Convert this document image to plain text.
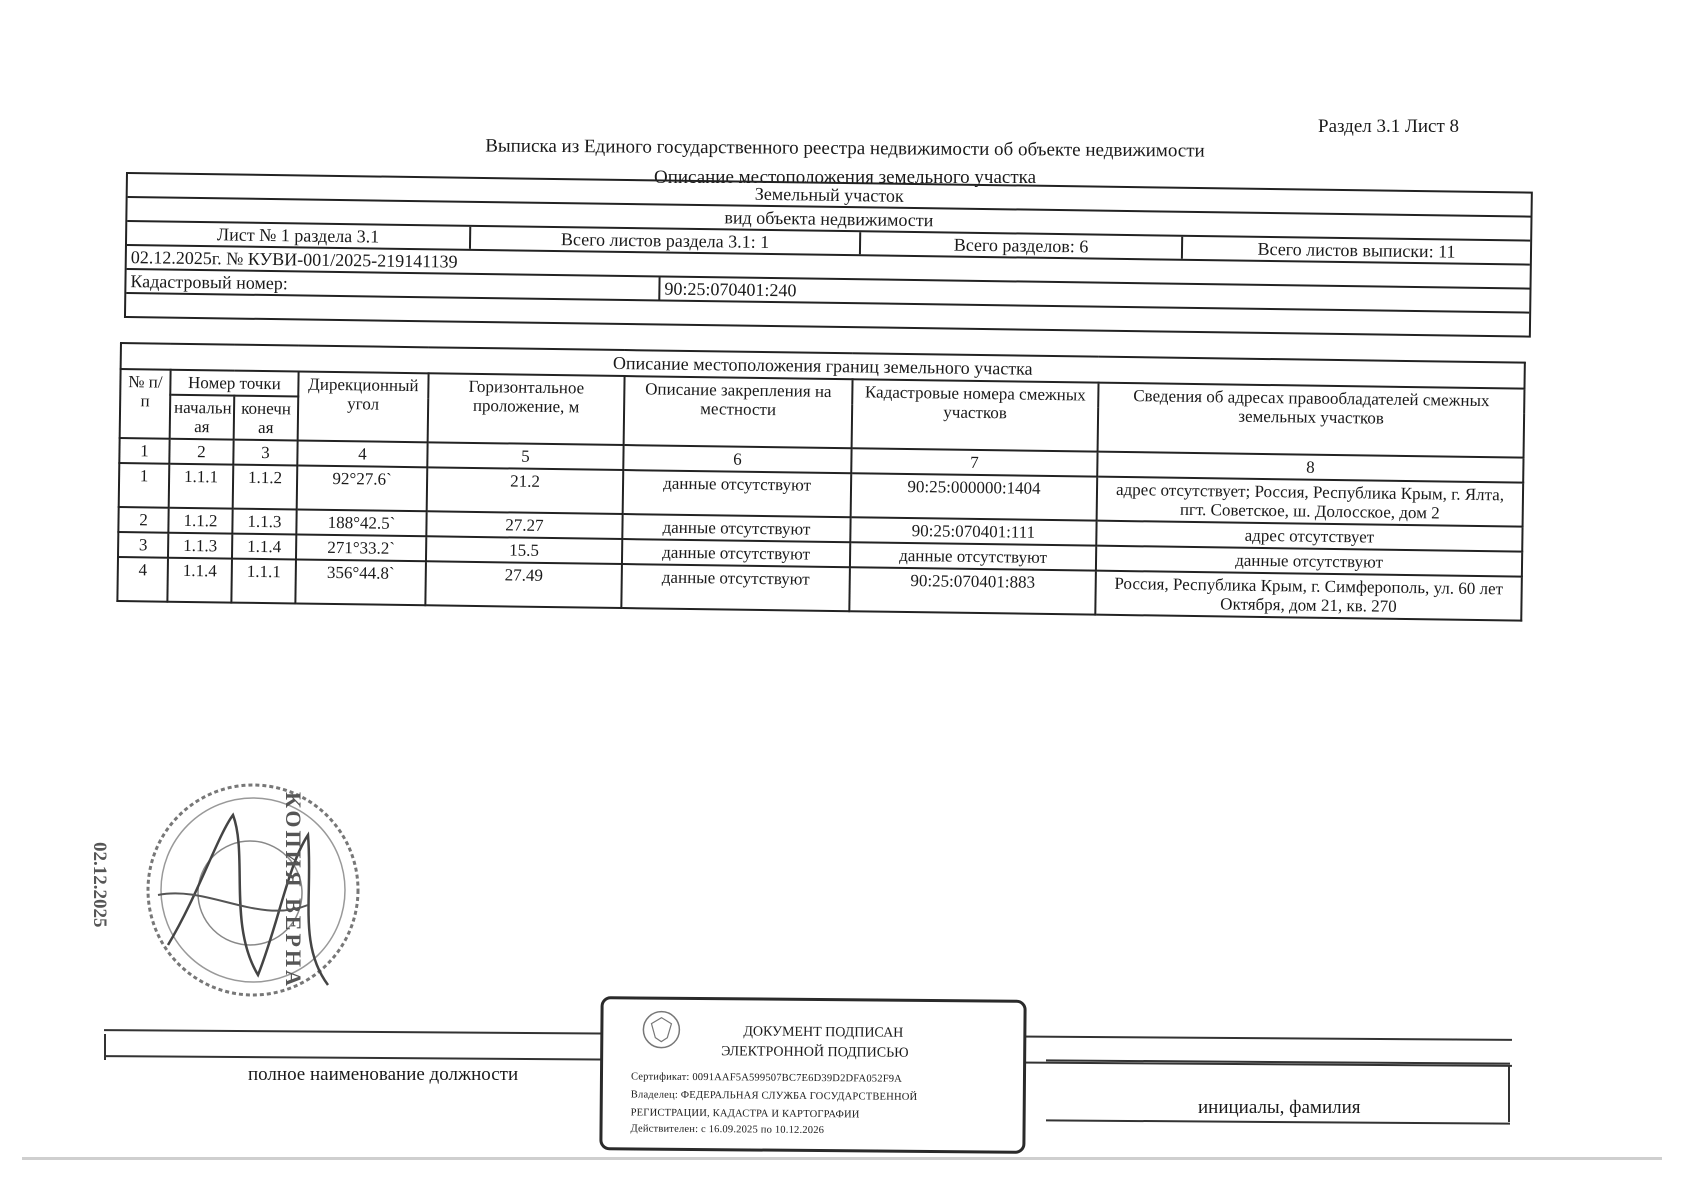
Раздел 3.1 Лист 8
Выписка из Единого государственного реестра недвижимости об объекте недвижимости
Описание местоположения земельного участка
Земельный участок
вид объекта недвижимости
Лист № 1 раздела 3.1	Всего листов раздела 3.1: 1	Всего разделов: 6	Всего листов выписки: 11
02.12.2025г. № КУВИ-001/2025-219141139
Кадастровый номер:	90:25:070401:240
Описание местоположения границ земельного участка							
№ п/п	Номер точки		Дирекционный угол	Горизонтальное проложение, м	Описание закрепления на местности	Кадастровые номера смежных участков	Сведения об адресах правообладателей смежных земельных участков
	начальн ая	конечн ая					
1	2	3	4	5	6	7	8
1	1.1.1	1.1.2	92°27.6`	21.2	данные отсутствуют	90:25:000000:1404	адрес отсутствует; Россия, Республика Крым, г. Ялта, пгт. Советское, ш. Долосское, дом 2
2	1.1.2	1.1.3	188°42.5`	27.27	данные отсутствуют	90:25:070401:111	адрес отсутствует
3	1.1.3	1.1.4	271°33.2`	15.5	данные отсутствуют	данные отсутствуют	данные отсутствуют
4	1.1.4	1.1.1	356°44.8`	27.49	данные отсутствуют	90:25:070401:883	Россия, Республика Крым, г. Симферополь, ул. 60 лет Октября, дом 21, кв. 270
02.12.2025	КОПИЯ ВЕРНА
полное наименование должности
инициалы, фамилия
ДОКУМЕНТ ПОДПИСАН
ЭЛЕКТРОННОЙ ПОДПИСЬЮ
Сертификат: 0091AAF5A599507BC7E6D39D2DFA052F9A
Владелец: ФЕДЕРАЛЬНАЯ СЛУЖБА ГОСУДАРСТВЕННОЙ
РЕГИСТРАЦИИ, КАДАСТРА И КАРТОГРАФИИ
Действителен: с 16.09.2025 по 10.12.2026
